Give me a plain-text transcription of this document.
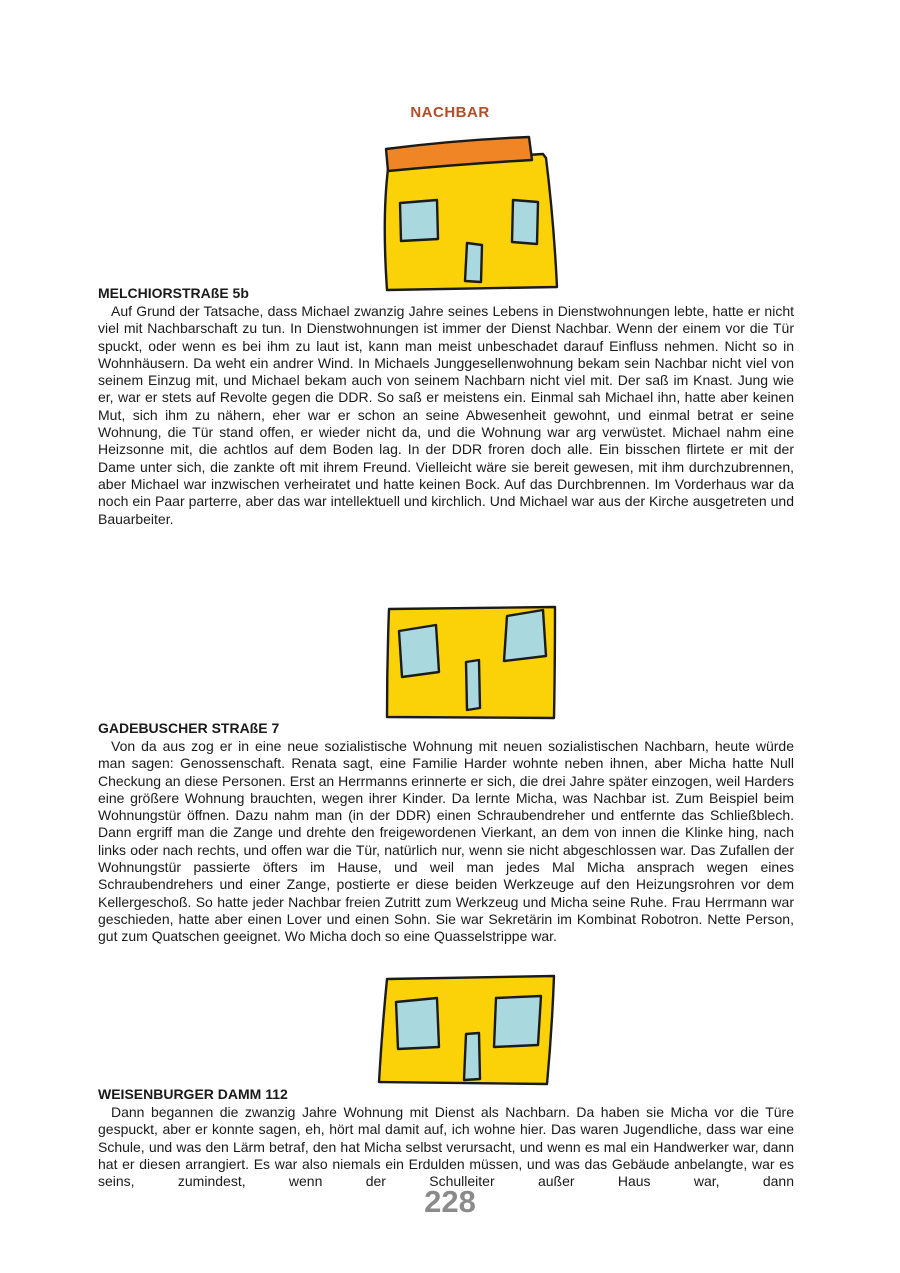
NACHBAR
MELCHIORSTRAßE 5b

Auf Grund der Tatsache, dass Michael zwanzig Jahre seines Lebens in Dienstwohnungen lebte, hatte er nicht viel mit Nachbarschaft zu tun. In Dienstwohnungen ist immer der Dienst Nachbar. Wenn der einem vor die Tür spuckt, oder wenn es bei ihm zu laut ist, kann man meist unbeschadet darauf Einfluss nehmen. Nicht so in Wohnhäusern. Da weht ein andrer Wind. In Michaels Junggesellenwohnung bekam sein Nachbar nicht viel von seinem Einzug mit, und Michael bekam auch von seinem Nachbarn nicht viel mit. Der saß im Knast. Jung wie er, war er stets auf Revolte gegen die DDR. So saß er meistens ein. Einmal sah Michael ihn, hatte aber keinen Mut, sich ihm zu nähern, eher war er schon an seine Abwesenheit gewohnt, und einmal betrat er seine Wohnung, die Tür stand offen, er wieder nicht da, und die Wohnung war arg verwüstet. Michael nahm eine Heizsonne mit, die achtlos auf dem Boden lag. In der DDR froren doch alle. Ein bisschen flirtete er mit der Dame unter sich, die zankte oft mit ihrem Freund. Vielleicht wäre sie bereit gewesen, mit ihm durchzubrennen, aber Michael war inzwischen verheiratet und hatte keinen Bock. Auf das Durchbrennen. Im Vorderhaus war da noch ein Paar parterre, aber das war intellektuell und kirchlich. Und Michael war aus der Kirche ausgetreten und Bauarbeiter.

GADEBUSCHER STRAßE 7

Von da aus zog er in eine neue sozialistische Wohnung mit neuen sozialistischen Nachbarn, heute würde man sagen: Genossenschaft. Renata sagt, eine Familie Harder wohnte neben ihnen, aber Micha hatte Null Checkung an diese Personen. Erst an Herrmanns erinnerte er sich, die drei Jahre später einzogen, weil Harders eine größere Wohnung brauchten, wegen ihrer Kinder. Da lernte Micha, was Nachbar ist. Zum Beispiel beim Wohnungstür öffnen. Dazu nahm man (in der DDR) einen Schraubendreher und entfernte das Schließblech. Dann ergriff man die Zange und drehte den freigewordenen Vierkant, an dem von innen die Klinke hing, nach links oder nach rechts, und offen war die Tür, natürlich nur, wenn sie nicht abgeschlossen war. Das Zufallen der Wohnungstür passierte öfters im Hause, und weil man jedes Mal Micha ansprach wegen eines Schraubendrehers und einer Zange, postierte er diese beiden Werkzeuge auf den Heizungsrohren vor dem Kellergeschoß. So hatte jeder Nachbar freien Zutritt zum Werkzeug und Micha seine Ruhe. Frau Herrmann war geschieden, hatte aber einen Lover und einen Sohn. Sie war Sekretärin im Kombinat Robotron. Nette Person, gut zum Quatschen geeignet. Wo Micha doch so eine Quasselstrippe war.

WEISENBURGER DAMM 112

Dann begannen die zwanzig Jahre Wohnung mit Dienst als Nachbarn. Da haben sie Micha vor die Türe gespuckt, aber er konnte sagen, eh, hört mal damit auf, ich wohne hier. Das waren Jugendliche, dass war eine Schule, und was den Lärm betraf, den hat Micha selbst verursacht, und wenn es mal ein Handwerker war, dann hat er diesen arrangiert. Es war also niemals ein Erdulden müssen, und was das Gebäude anbelangte, war es seins, zumindest, wenn der Schulleiter außer Haus war, dann

228
